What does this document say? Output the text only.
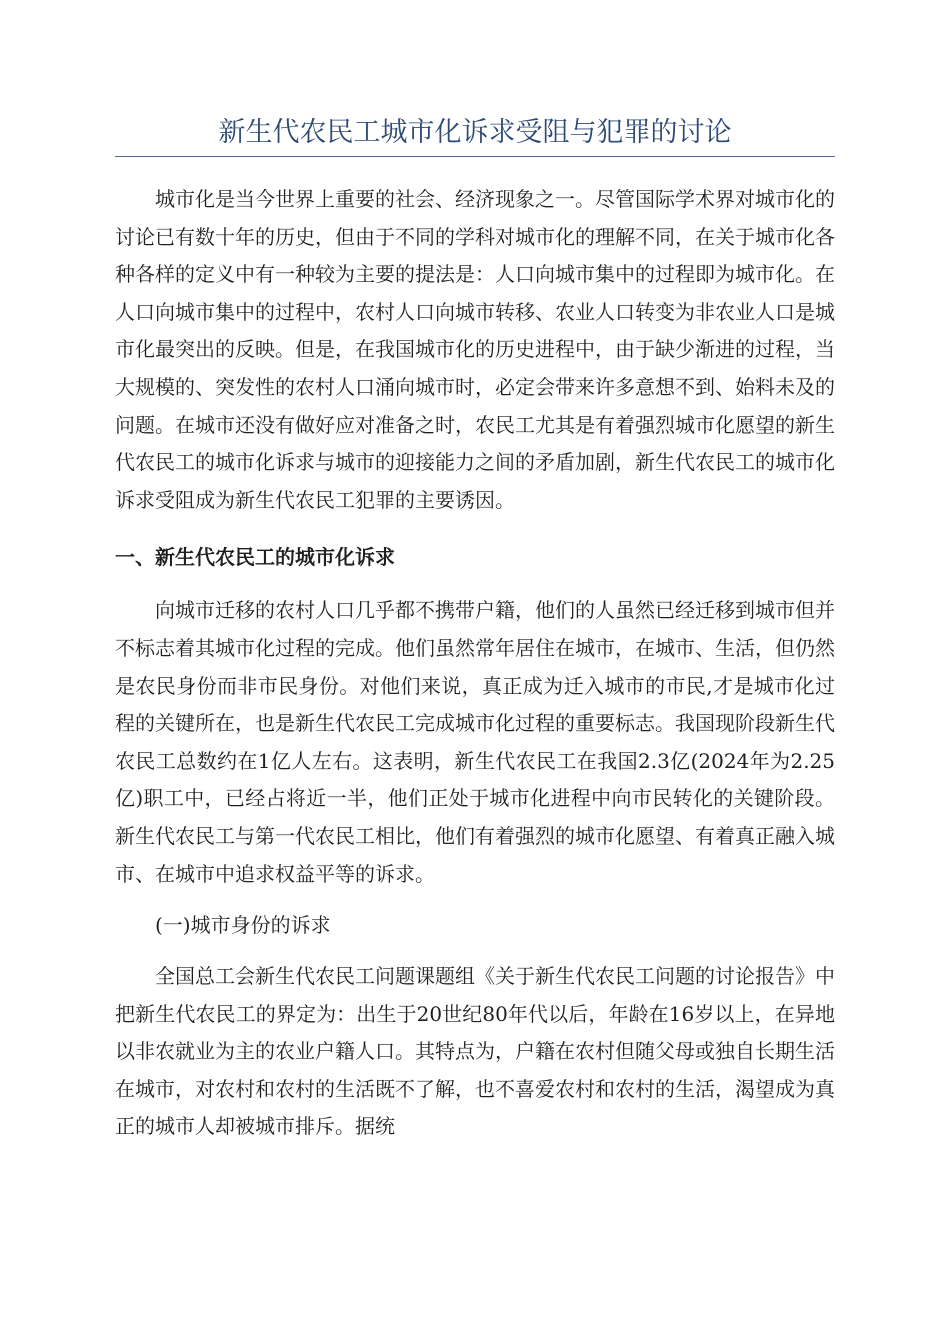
新生代农民工城市化诉求受阻与犯罪的讨论

城市化是当今世界上重要的社会、经济现象之一。尽管国际学术界对城市化的讨论已有数十年的历史，但由于不同的学科对城市化的理解不同，在关于城市化各种各样的定义中有一种较为主要的提法是：人口向城市集中的过程即为城市化。在人口向城市集中的过程中，农村人口向城市转移、农业人口转变为非农业人口是城市化最突出的反映。但是，在我国城市化的历史进程中，由于缺少渐进的过程，当大规模的、突发性的农村人口涌向城市时，必定会带来许多意想不到、始料未及的问题。在城市还没有做好应对准备之时，农民工尤其是有着强烈城市化愿望的新生代农民工的城市化诉求与城市的迎接能力之间的矛盾加剧，新生代农民工的城市化诉求受阻成为新生代农民工犯罪的主要诱因。

一、新生代农民工的城市化诉求

向城市迁移的农村人口几乎都不携带户籍，他们的人虽然已经迁移到城市但并不标志着其城市化过程的完成。他们虽然常年居住在城市，在城市、生活，但仍然是农民身份而非市民身份。对他们来说，真正成为迁入城市的市民,才是城市化过程的关键所在，也是新生代农民工完成城市化过程的重要标志。我国现阶段新生代农民工总数约在1亿人左右。这表明，新生代农民工在我国2.3亿(2024年为2.25亿)职工中，已经占将近一半，他们正处于城市化进程中向市民转化的关键阶段。新生代农民工与第一代农民工相比，他们有着强烈的城市化愿望、有着真正融入城市、在城市中追求权益平等的诉求。

(一)城市身份的诉求

全国总工会新生代农民工问题课题组《关于新生代农民工问题的讨论报告》中把新生代农民工的界定为：出生于20世纪80年代以后，年龄在16岁以上，在异地以非农就业为主的农业户籍人口。其特点为，户籍在农村但随父母或独自长期生活在城市，对农村和农村的生活既不了解，也不喜爱农村和农村的生活，渴望成为真正的城市人却被城市排斥。据统
